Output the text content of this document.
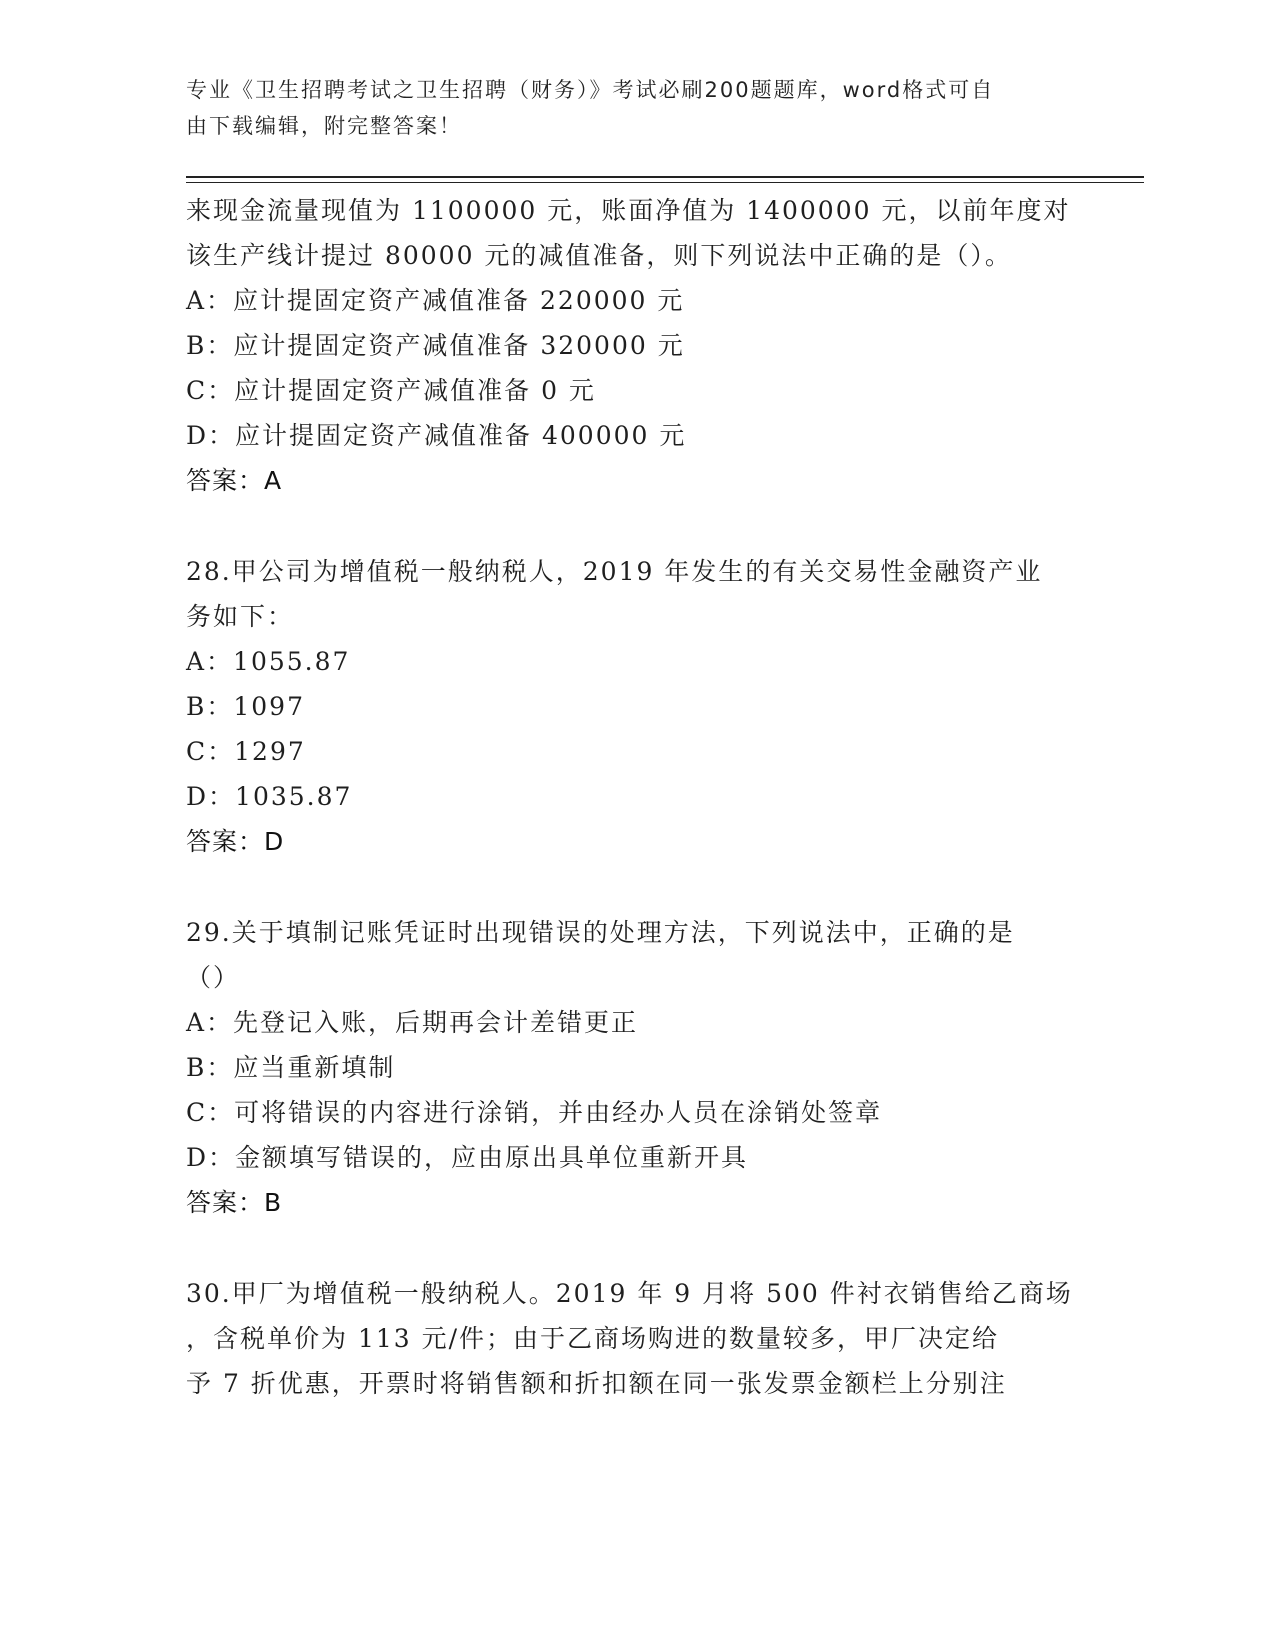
专业《卫生招聘考试之卫生招聘（财务）》考试必刷200题题库，word格式可自
由下载编辑，附完整答案！
来现金流量现值为 1100000 元，账面净值为 1400000 元，以前年度对
该生产线计提过 80000 元的减值准备，则下列说法中正确的是（）。
A：应计提固定资产减值准备 220000 元
B：应计提固定资产减值准备 320000 元
C：应计提固定资产减值准备 0 元
D：应计提固定资产减值准备 400000 元
答案：A
28.甲公司为增值税一般纳税人，2019 年发生的有关交易性金融资产业
务如下：
A：1055.87
B：1097
C：1297
D：1035.87
答案：D
29.关于填制记账凭证时出现错误的处理方法，下列说法中，正确的是
（）
A：先登记入账，后期再会计差错更正
B：应当重新填制
C：可将错误的内容进行涂销，并由经办人员在涂销处签章
D：金额填写错误的，应由原出具单位重新开具
答案：B
30.甲厂为增值税一般纳税人。2019 年 9 月将 500 件衬衣销售给乙商场
，含税单价为 113 元/件；由于乙商场购进的数量较多，甲厂决定给
予 7 折优惠，开票时将销售额和折扣额在同一张发票金额栏上分别注
